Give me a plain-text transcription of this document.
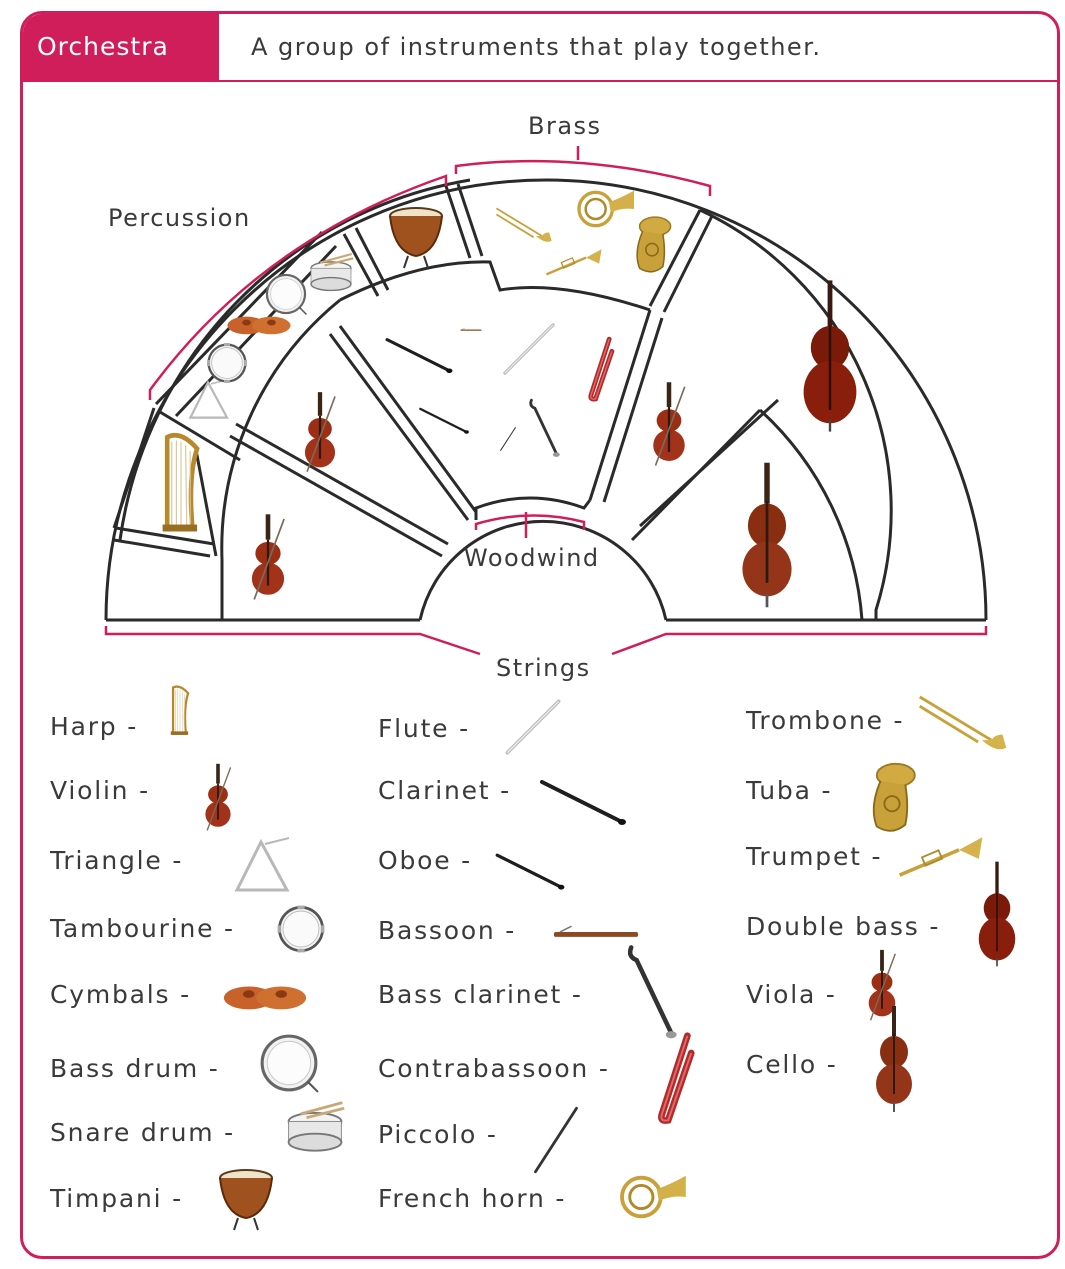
Orchestra	A group of instruments that play together.
Brass
Percussion
Woodwind
Strings
Harp -
Violin -
Triangle -
Tambourine -
Cymbals -
Bass drum -
Snare drum -
Timpani -
Flute -
Clarinet -
Oboe -
Bassoon -
Bass clarinet -
Contrabassoon -
Piccolo -
French horn -
Trombone -
Tuba -
Trumpet -
Double bass -
Viola -
Cello -
